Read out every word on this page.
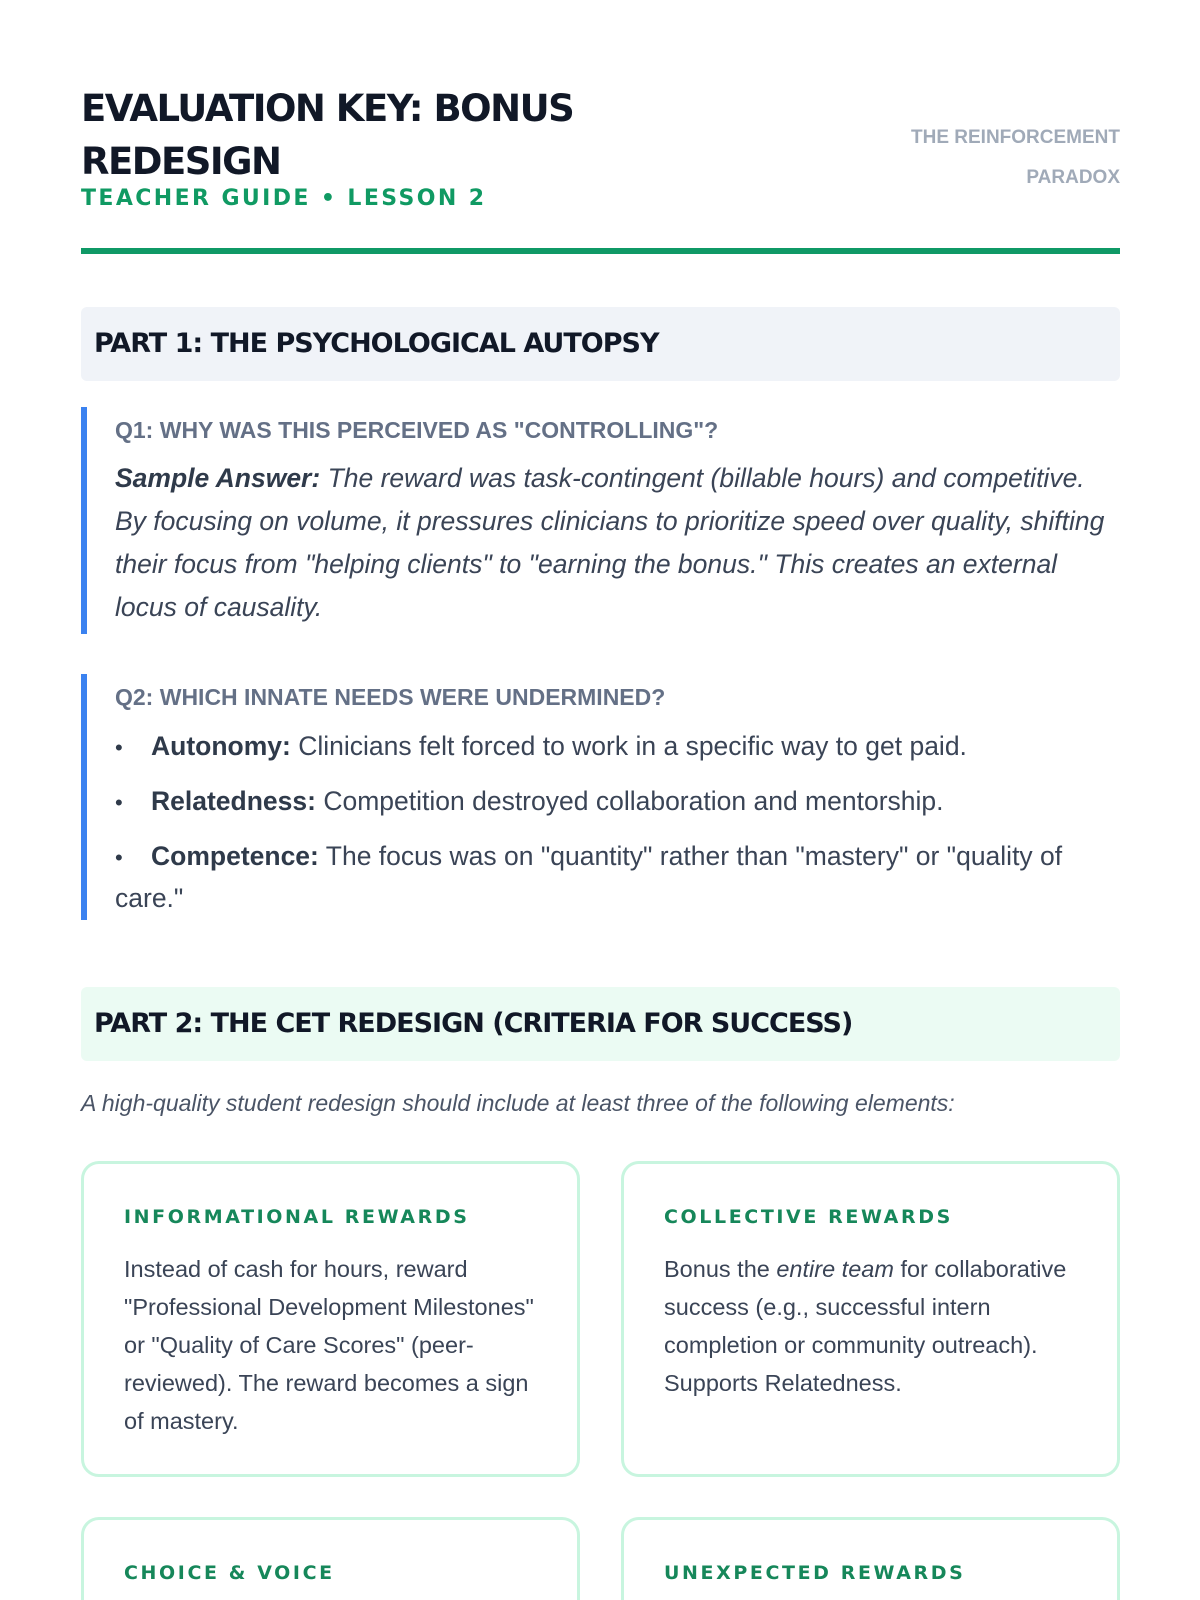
EVALUATION KEY: BONUS REDESIGN
TEACHER GUIDE • LESSON 2
THE REINFORCEMENT PARADOX
PART 1: THE PSYCHOLOGICAL AUTOPSY
Q1: WHY WAS THIS PERCEIVED AS "CONTROLLING"?

Sample Answer: The reward was task-contingent (billable hours) and competitive. By focusing on volume, it pressures clinicians to prioritize speed over quality, shifting their focus from "helping clients" to "earning the bonus." This creates an external locus of causality.

Q2: WHICH INNATE NEEDS WERE UNDERMINED?
• Autonomy: Clinicians felt forced to work in a specific way to get paid.
• Relatedness: Competition destroyed collaboration and mentorship.
• Competence: The focus was on "quantity" rather than "mastery" or "quality of care."
PART 2: THE CET REDESIGN (CRITERIA FOR SUCCESS)

A high-quality student redesign should include at least three of the following elements:

INFORMATIONAL REWARDS

Instead of cash for hours, reward "Professional Development Milestones" or "Quality of Care Scores" (peer-reviewed). The reward becomes a sign of mastery.

COLLECTIVE REWARDS

Bonus the entire team for collaborative success (e.g., successful intern completion or community outreach). Supports Relatedness.

CHOICE & VOICE	UNEXPECTED REWARDS
